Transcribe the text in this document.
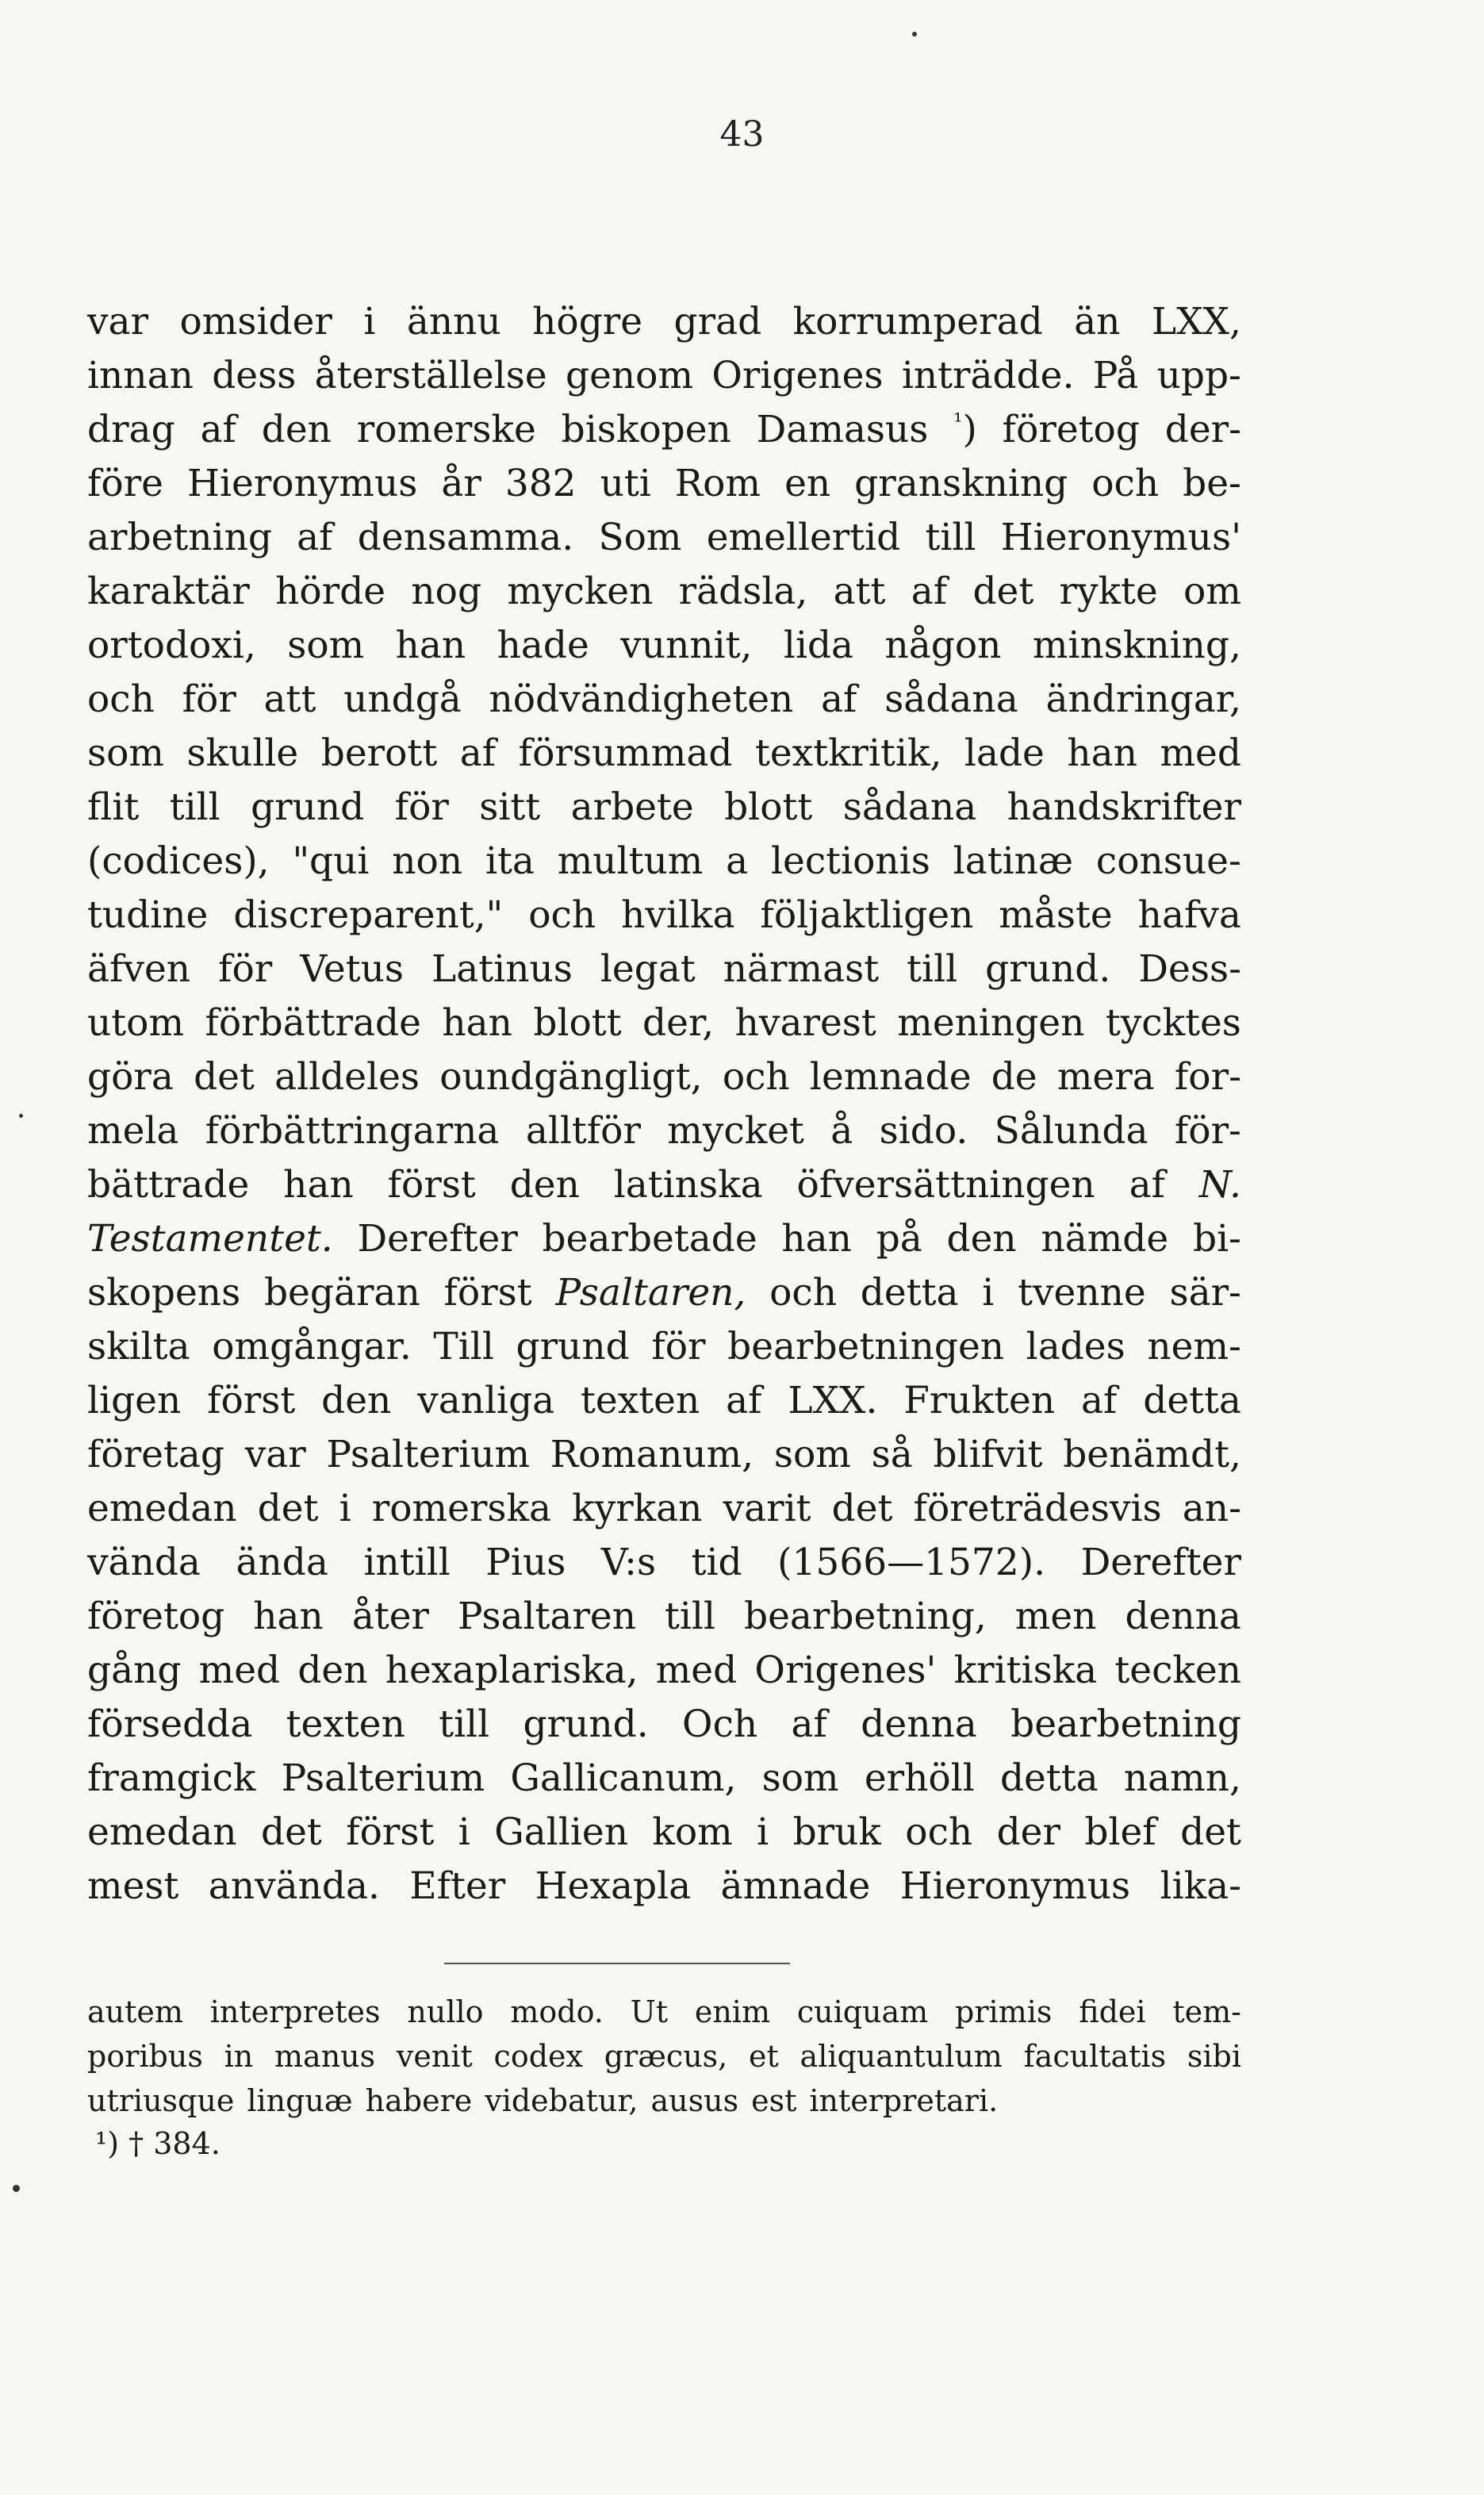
43
var omsider i ännu högre grad korrumperad än LXX,
innan dess återställelse genom Origenes inträdde. På upp-
drag af den romerske biskopen Damasus $^{^1}$) företog der-
före Hieronymus år 382 uti Rom en granskning och be-
arbetning af densamma. Som emellertid till Hieronymus'
karaktär hörde nog mycken rädsla, att af det rykte om
ortodoxi, som han hade vunnit, lida någon minskning,
och för att undgå nödvändigheten af sådana ändringar,
som skulle berott af försummad textkritik, lade han med
flit till grund för sitt arbete blott sådana handskrifter
(codices), "qui non ita multum a lectionis latinæ consue-
tudine discreparent," och hvilka följaktligen måste hafva
äfven för Vetus Latinus legat närmast till grund. Dess-
utom förbättrade han blott der, hvarest meningen tycktes
göra det alldeles oundgängligt, och lemnade de mera for-
mela förbättringarna alltför mycket å sido. Sålunda för-
bättrade han först den latinska öfversättningen af N.
Testamentet. Derefter bearbetade han på den nämde bi-
skopens begäran först Psaltaren, och detta i tvenne sär-
skilta omgångar. Till grund för bearbetningen lades nem-
ligen först den vanliga texten af LXX. Frukten af detta
företag var Psalterium Romanum, som så blifvit benämdt,
emedan det i romerska kyrkan varit det företrädesvis an-
vända ända intill Pius V:s tid (1566—1572). Derefter
företog han åter Psaltaren till bearbetning, men denna
gång med den hexaplariska, med Origenes' kritiska tecken
försedda texten till grund. Och af denna bearbetning
framgick Psalterium Gallicanum, som erhöll detta namn,
emedan det först i Gallien kom i bruk och der blef det
mest använda. Efter Hexapla ämnade Hieronymus lika-
autem interpretes nullo modo. Ut enim cuiquam primis fidei tem-
poribus in manus venit codex græcus, et aliquantulum facultatis sibi
utriusque linguæ habere videbatur, ausus est interpretari.
¹) † 384.
